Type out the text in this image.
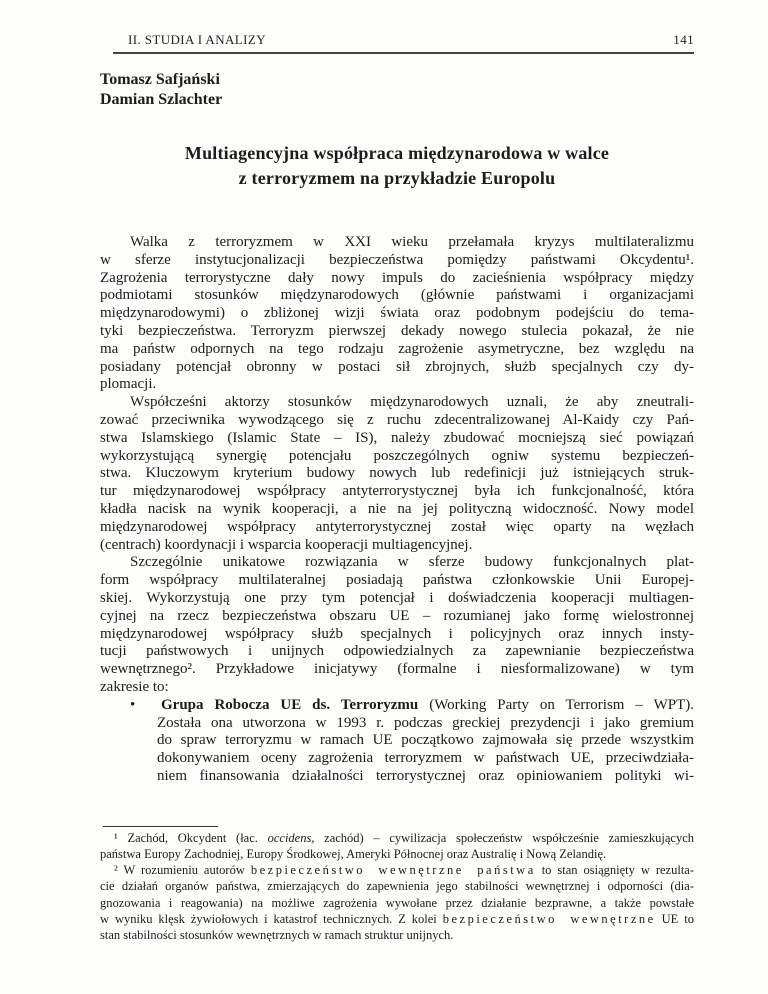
II. STUDIA I ANALIZY	141
Tomasz Safjański
Damian Szlachter
Multiagencyjna współpraca międzynarodowa w walce
z terroryzmem na przykładzie Europolu
Walka z terroryzmem w XXI wieku przełamała kryzys multilateralizmu
w sferze instytucjonalizacji bezpieczeństwa pomiędzy państwami Okcydentu¹.
Zagrożenia terrorystyczne dały nowy impuls do zacieśnienia współpracy między
podmiotami stosunków międzynarodowych (głównie państwami i organizacjami
międzynarodowymi) o zbliżonej wizji świata oraz podobnym podejściu do tema-
tyki bezpieczeństwa. Terroryzm pierwszej dekady nowego stulecia pokazał, że nie
ma państw odpornych na tego rodzaju zagrożenie asymetryczne, bez względu na
posiadany potencjał obronny w postaci sił zbrojnych, służb specjalnych czy dy-
plomacji.
Współcześni aktorzy stosunków międzynarodowych uznali, że aby zneutrali-
zować przeciwnika wywodzącego się z ruchu zdecentralizowanej Al-Kaidy czy Pań-
stwa Islamskiego (Islamic State – IS), należy zbudować mocniejszą sieć powiązań
wykorzystującą synergię potencjału poszczególnych ogniw systemu bezpieczeń-
stwa. Kluczowym kryterium budowy nowych lub redefinicji już istniejących struk-
tur międzynarodowej współpracy antyterrorystycznej była ich funkcjonalność, która
kładła nacisk na wynik kooperacji, a nie na jej polityczną widoczność. Nowy model
międzynarodowej współpracy antyterrorystycznej został więc oparty na węzłach
(centrach) koordynacji i wsparcia kooperacji multiagencyjnej.
Szczególnie unikatowe rozwiązania w sferze budowy funkcjonalnych plat-
form współpracy multilateralnej posiadają państwa członkowskie Unii Europej-
skiej. Wykorzystują one przy tym potencjał i doświadczenia kooperacji multiagen-
cyjnej na rzecz bezpieczeństwa obszaru UE – rozumianej jako formę wielostronnej
międzynarodowej współpracy służb specjalnych i policyjnych oraz innych insty-
tucji państwowych i unijnych odpowiedzialnych za zapewnianie bezpieczeństwa
wewnętrznego². Przykładowe inicjatywy (formalne i niesformalizowane) w tym
zakresie to:
• Grupa Robocza UE ds. Terroryzmu (Working Party on Terrorism – WPT).
Została ona utworzona w 1993 r. podczas greckiej prezydencji i jako gremium
do spraw terroryzmu w ramach UE początkowo zajmowała się przede wszystkim
dokonywaniem oceny zagrożenia terroryzmem w państwach UE, przeciwdziała-
niem finansowania działalności terrorystycznej oraz opiniowaniem polityki wi-
¹ Zachód, Okcydent (łac. occidens, zachód) – cywilizacja społeczeństw współcześnie zamieszkujących
państwa Europy Zachodniej, Europy Środkowej, Ameryki Północnej oraz Australię i Nową Zelandię.
² W rozumieniu autorów bezpieczeństwo wewnętrzne państwa to stan osiągnięty w rezulta-
cie działań organów państwa, zmierzających do zapewnienia jego stabilności wewnętrznej i odporności (dia-
gnozowania i reagowania) na możliwe zagrożenia wywołane przez działanie bezprawne, a także powstałe
w wyniku klęsk żywiołowych i katastrof technicznych. Z kolei bezpieczeństwo wewnętrzne UE to
stan stabilności stosunków wewnętrznych w ramach struktur unijnych.
